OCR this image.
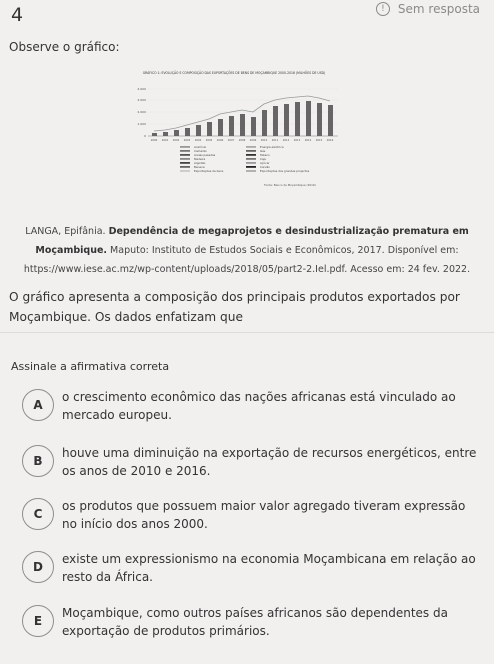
4	!	Sem resposta
Observe o gráfico:
GRÁFICO 1: EVOLUÇÃO E COMPOSIÇÃO DAS EXPORTAÇÕES DE BENS DE MOÇAMBIQUE 2000-2016 (MILHÕES DE USD)
4.000
3.000
2.000
1.000
0
2000 2001 2002 2003 2004 2005 2006 2007 2008 2009 2010 2011 2012 2013 2014 2015 2016
Alumínio
Camarão
Areias pesadas
Madeira
Algodão
Banana
Exportações de bens
Energia eléctrica
Gás
Tabaco
Caju
Açúcar
Carvão
Exportações dos grandes projectos
Fonte: Banco de Moçambique (2016)
LANGA, Epifânia. Dependência de megaprojetos e desindustrialização prematura em
Moçambique. Maputo: Instituto de Estudos Sociais e Econômicos, 2017. Disponível em:
https://www.iese.ac.mz/wp-content/uploads/2018/05/part2-2.Iel.pdf. Acesso em: 24 fev. 2022.
O gráfico apresenta a composição dos principais produtos exportados por Moçambique. Os dados enfatizam que
Assinale a afirmativa correta
A
o crescimento econômico das nações africanas está vinculado ao mercado europeu.
B
houve uma diminuição na exportação de recursos energéticos, entre os anos de 2010 e 2016.
C
os produtos que possuem maior valor agregado tiveram expressão no início dos anos 2000.
D
existe um expressionismo na economia Moçambicana em relação ao resto da África.
E
Moçambique, como outros países africanos são dependentes da exportação de produtos primários.
